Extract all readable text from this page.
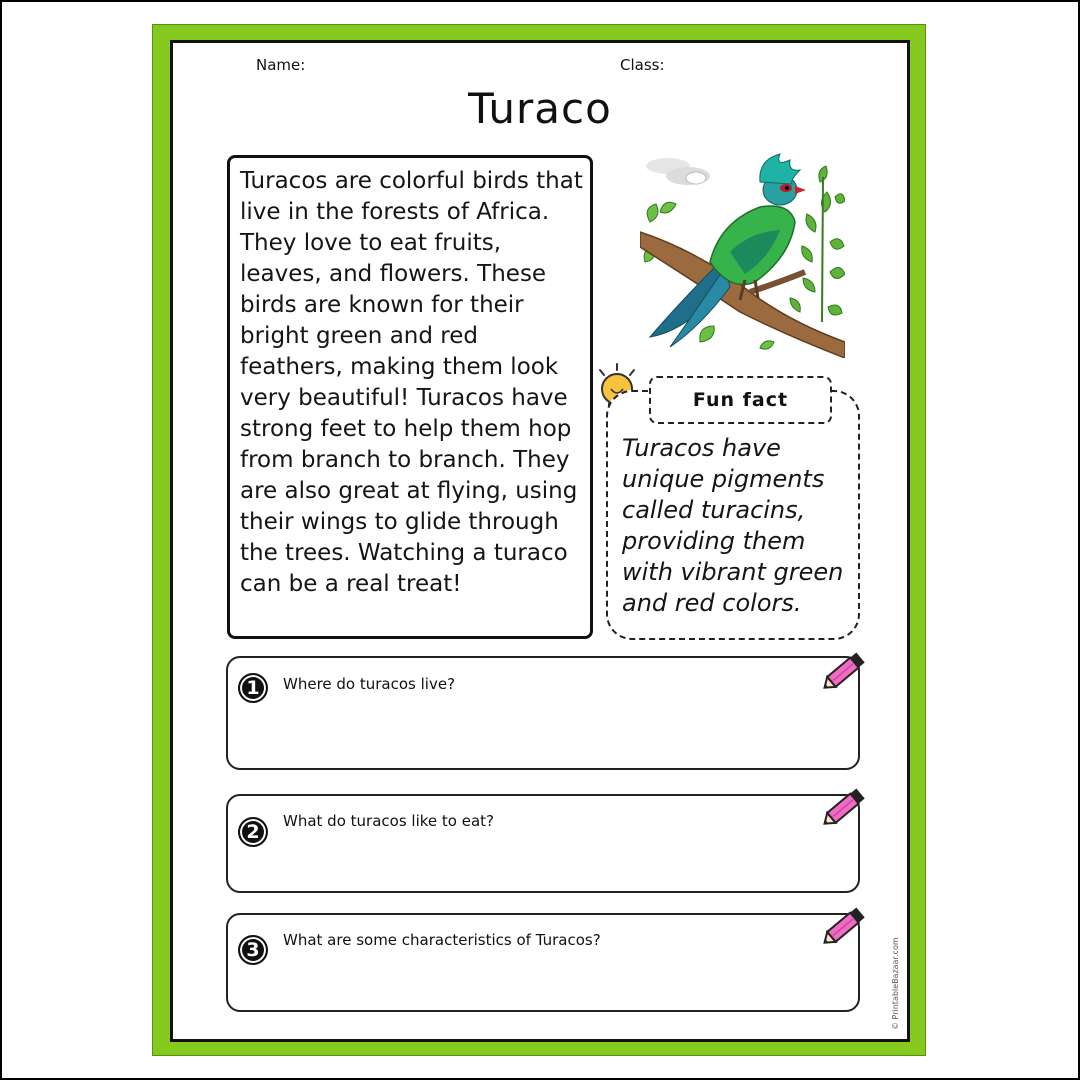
Name:	Class:
Turaco
Turacos are colorful birds that live in the forests of Africa. They love to eat fruits, leaves, and flowers. These birds are known for their bright green and red feathers, making them look very beautiful! Turacos have strong feet to help them hop from branch to branch. They are also great at flying, using their wings to glide through the trees. Watching a turaco can be a real treat!
Fun fact
Turacos have unique pigments called turacins, providing them with vibrant green and red colors.
1	Where do turacos live?
2	What do turacos like to eat?
3	What are some characteristics of Turacos?	© PrintableBazaar.com
